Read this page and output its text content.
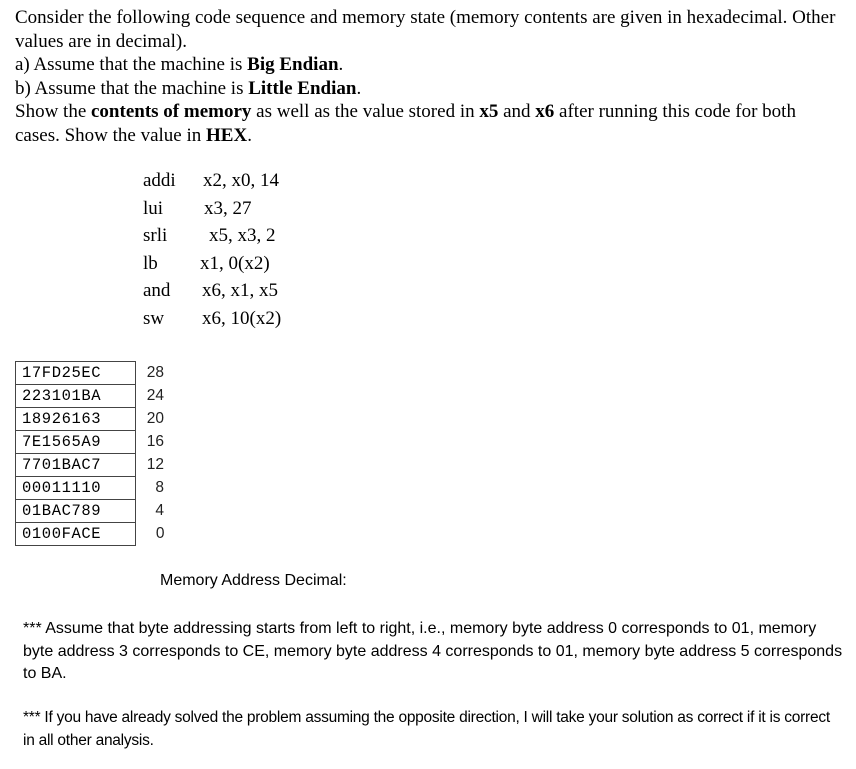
Consider the following code sequence and memory state (memory contents are given in hexadecimal. Other values are in decimal).

a) Assume that the machine is Big Endian.

b) Assume that the machine is Little Endian.

Show the contents of memory as well as the value stored in x5 and x6 after running this code for both cases. Show the value in HEX.

addi x2, x0, 14
lui x3, 27
srli x5, x3, 2
lb x1, 0(x2)
and x6, x1, x5
sw x6, 10(x2)
17FD25EC	28
223101BA	24
18926163	20
7E1565A9	16
7701BAC7	12
00011110	8
01BAC789	4
0100FACE	0
Memory Address Decimal:

*** Assume that byte addressing starts from left to right, i.e., memory byte address 0 corresponds to 01, memory byte address 3 corresponds to CE, memory byte address 4 corresponds to 01, memory byte address 5 corresponds to BA.

*** If you have already solved the problem assuming the opposite direction, I will take your solution as correct if it is correct in all other analysis.
